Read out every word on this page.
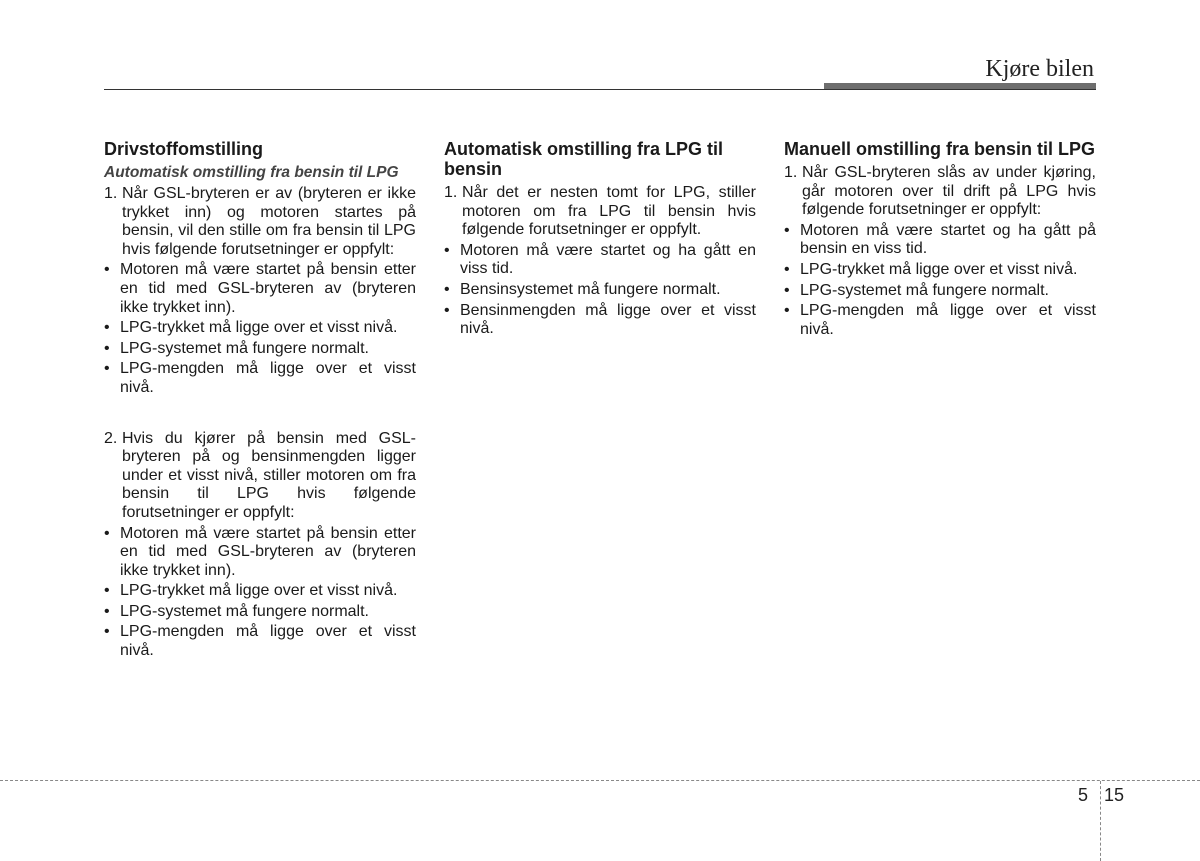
Kjøre bilen
Drivstoffomstilling
Automatisk omstilling fra bensin til LPG
1. Når GSL-bryteren er av (bryteren er ikke trykket inn) og motoren startes på bensin, vil den stille om fra bensin til LPG hvis følgende forutsetninger er oppfylt:
• Motoren må være startet på bensin etter en tid med GSL-bryteren av (bryteren ikke trykket inn).
• LPG-trykket må ligge over et visst nivå.
• LPG-systemet må fungere normalt.
• LPG-mengden må ligge over et visst nivå.
2. Hvis du kjører på bensin med GSL-bryteren på og bensinmengden ligger under et visst nivå, stiller motoren om fra bensin til LPG hvis følgende forutsetninger er oppfylt:
• Motoren må være startet på bensin etter en tid med GSL-bryteren av (bryteren ikke trykket inn).
• LPG-trykket må ligge over et visst nivå.
• LPG-systemet må fungere normalt.
• LPG-mengden må ligge over et visst nivå.
Automatisk omstilling fra LPG til bensin
1. Når det er nesten tomt for LPG, stiller motoren om fra LPG til bensin hvis følgende forutsetninger er oppfylt.
• Motoren må være startet og ha gått en viss tid.
• Bensinsystemet må fungere normalt.
• Bensinmengden må ligge over et visst nivå.
Manuell omstilling fra bensin til LPG
1. Når GSL-bryteren slås av under kjøring, går motoren over til drift på LPG hvis følgende forutsetninger er oppfylt:
• Motoren må være startet og ha gått på bensin en viss tid.
• LPG-trykket må ligge over et visst nivå.
• LPG-systemet må fungere normalt.
• LPG-mengden må ligge over et visst nivå.
5 15
